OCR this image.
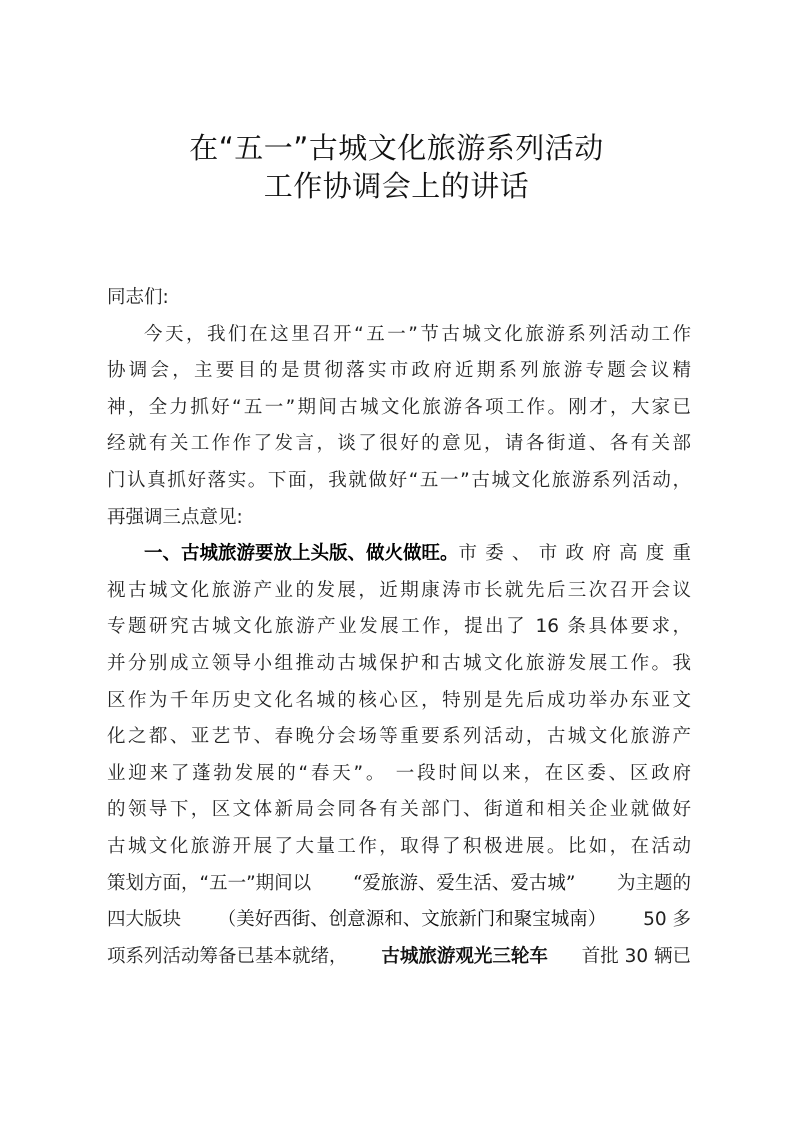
在“五一”古城文化旅游系列活动
工作协调会上的讲话
同志们:
今天，我们在这里召开“五一”节古城文化旅游系列活动工作
协调会，主要目的是贯彻落实市政府近期系列旅游专题会议精
神，全力抓好“五一”期间古城文化旅游各项工作。刚才，大家已
经就有关工作作了发言，谈了很好的意见，请各街道、各有关部
门认真抓好落实。下面，我就做好“五一”古城文化旅游系列活动，
再强调三点意见:
一、古城旅游要放上头版、做火做旺。 市委、市政府高度重
视古城文化旅游产业的发展，近期康涛市长就先后三次召开会议
专题研究古城文化旅游产业发展工作，提出了 16 条具体要求，
并分别成立领导小组推动古城保护和古城文化旅游发展工作。我
区作为千年历史文化名城的核心区，特别是先后成功举办东亚文
化之都、亚艺节、春晚分会场等重要系列活动，古城文化旅游产
业迎来了蓬勃发展的“春天”。 一段时间以来，在区委、区政府
的领导下，区文体新局会同各有关部门、街道和相关企业就做好
古城文化旅游开展了大量工作，取得了积极进展。比如，在活动
策划方面，“五一”期间以 “爱旅游、爱生活、爱古城” 为主题的
四大版块 （美好西街、创意源和、文旅新门和聚宝城南） 50 多
项系列活动筹备已基本就绪， 古城旅游观光三轮车 首批 30 辆已
